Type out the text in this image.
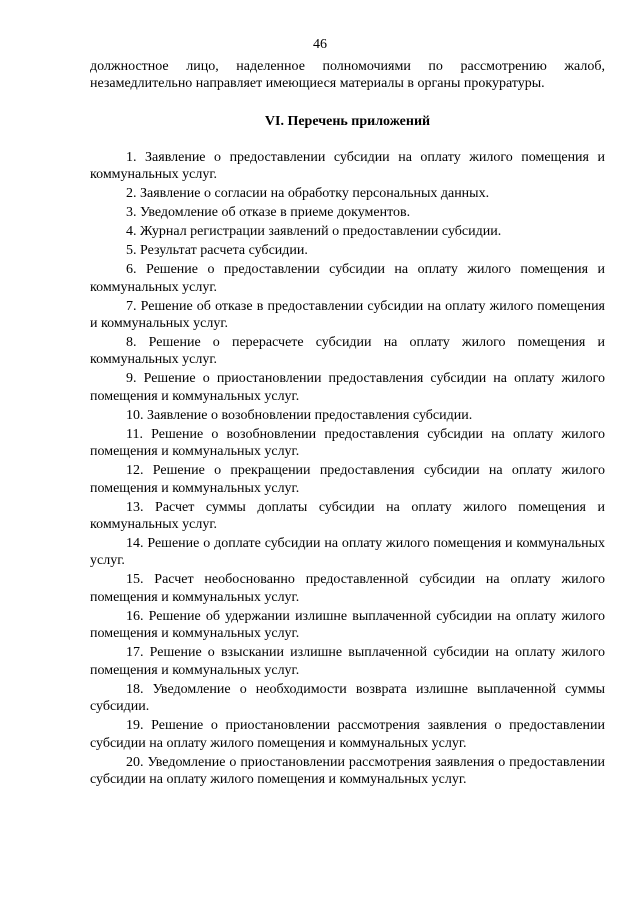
46
должностное лицо, наделенное полномочиями по рассмотрению жалоб,
незамедлительно направляет имеющиеся материалы в органы прокуратуры.
VI. Перечень приложений
1. Заявление о предоставлении субсидии на оплату жилого помещения и коммунальных услуг.
2. Заявление о согласии на обработку персональных данных.
3. Уведомление об отказе в приеме документов.
4. Журнал регистрации заявлений о предоставлении субсидии.
5. Результат расчета субсидии.
6. Решение о предоставлении субсидии на оплату жилого помещения и коммунальных услуг.
7. Решение об отказе в предоставлении субсидии на оплату жилого помещения и коммунальных услуг.
8. Решение о перерасчете субсидии на оплату жилого помещения и коммунальных услуг.
9. Решение о приостановлении предоставления субсидии на оплату жилого помещения и коммунальных услуг.
10. Заявление о возобновлении предоставления субсидии.
11. Решение о возобновлении предоставления субсидии на оплату жилого помещения и коммунальных услуг.
12. Решение о прекращении предоставления субсидии на оплату жилого помещения и коммунальных услуг.
13. Расчет суммы доплаты субсидии на оплату жилого помещения и коммунальных услуг.
14. Решение о доплате субсидии на оплату жилого помещения и коммунальных услуг.
15. Расчет необоснованно предоставленной субсидии на оплату жилого помещения и коммунальных услуг.
16. Решение об удержании излишне выплаченной субсидии на оплату жилого помещения и коммунальных услуг.
17. Решение о взыскании излишне выплаченной субсидии на оплату жилого помещения и коммунальных услуг.
18. Уведомление о необходимости возврата излишне выплаченной суммы субсидии.
19. Решение о приостановлении рассмотрения заявления о предоставлении субсидии на оплату жилого помещения и коммунальных услуг.
20. Уведомление о приостановлении рассмотрения заявления о предоставлении субсидии на оплату жилого помещения и коммунальных услуг.
